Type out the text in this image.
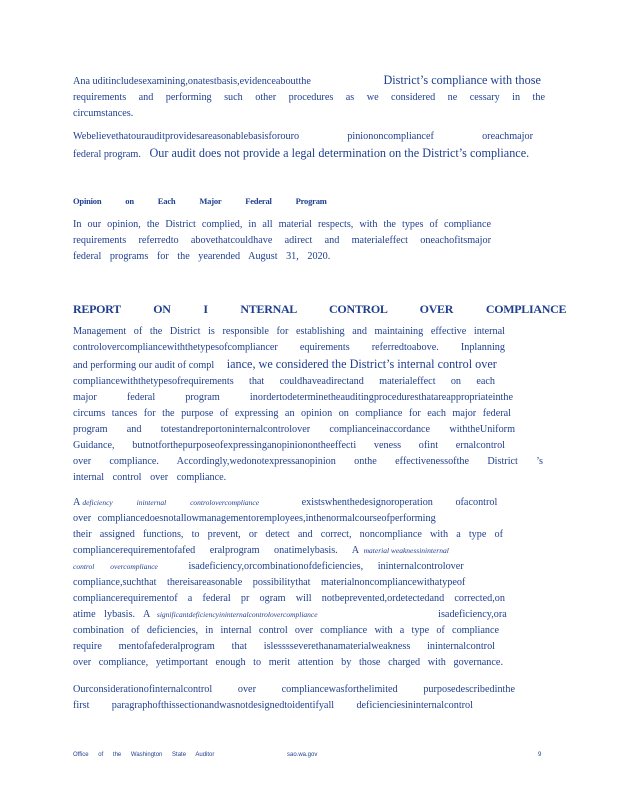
Ana uditincludesexamining,onatestbasis,evidenceaboutthe	District’s compliance with those
requirements and performing such other procedures as we considered ne cessary in the
circumstances.
Webelievethatourauditprovidesareasonablebasisforouro piniononcompliancef oreachmajor
federal program. Our audit does not provide a legal determination on the District’s compliance.
Opinion on Each Major Federal Program
In our opinion, the District complied, in all material respects, with the types of compliance
requirements referredto abovethatcouldhave adirect and materialeffect oneachofitsmajor
federal programs for the yearended August 31, 2020.
REPORT ON I NTERNAL CONTROL OVER COMPLIANCE
Management of the District is responsible for establishing and maintaining effective internal
controlovercompliancewiththetypesofcompliancer equirements referredtoabove. Inplanning
and performing our audit of compl iance, we considered the District’s internal control over
compliancewiththetypesofrequirements that couldhaveadirectand materialeffect on each
major federal program inordertodeterminetheauditingproceduresthatareappropriateinthe
circums tances for the purpose of expressing an opinion on compliance for each major federal
program and totestandreportoninternalcontrolover complianceinaccordance withtheUniform
Guidance, butnotforthepurposeofexpressinganopinionontheeffecti veness ofint ernalcontrol
over compliance. Accordingly,wedonotexpressanopinion onthe effectivenessofthe District ’s
internal control over compliance.
A deficiency ininternal controlovercompliance	existswhenthedesignoroperation ofacontrol
over compliancedoesnotallowmanagementoremployees,inthenormalcourseofperforming
their assigned functions, to prevent, or detect and correct, noncompliance with a type of
compliancerequirementofafed eralprogram onatimelybasis. A material weaknessininternal
control overcompliance	isadeficiency,orcombinationofdeficiencies, ininternalcontrolover
compliance,suchthat thereisareasonable possibilitythat materialnoncompliancewithatypeof
compliancerequirementof a federal pr ogram will notbeprevented,ordetectedand corrected,on
atime lybasis. A significantdeficiencyininternalcontrolovercompliance	isadeficiency,ora
combination of deficiencies, in internal control over compliance with a type of compliance
require mentofafederalprogram that islesssseverethanamaterialweakness ininternalcontrol
over compliance, yetimportant enough to merit attention by those charged with governance.
Ourconsiderationofinternalcontrol over compliancewasforthelimited purposedescribedinthe
first paragraphofthissectionandwasnotdesignedtoidentifyall deficienciesininternalcontrol
Office of the Washington State Auditor	sao.wa.gov	9
